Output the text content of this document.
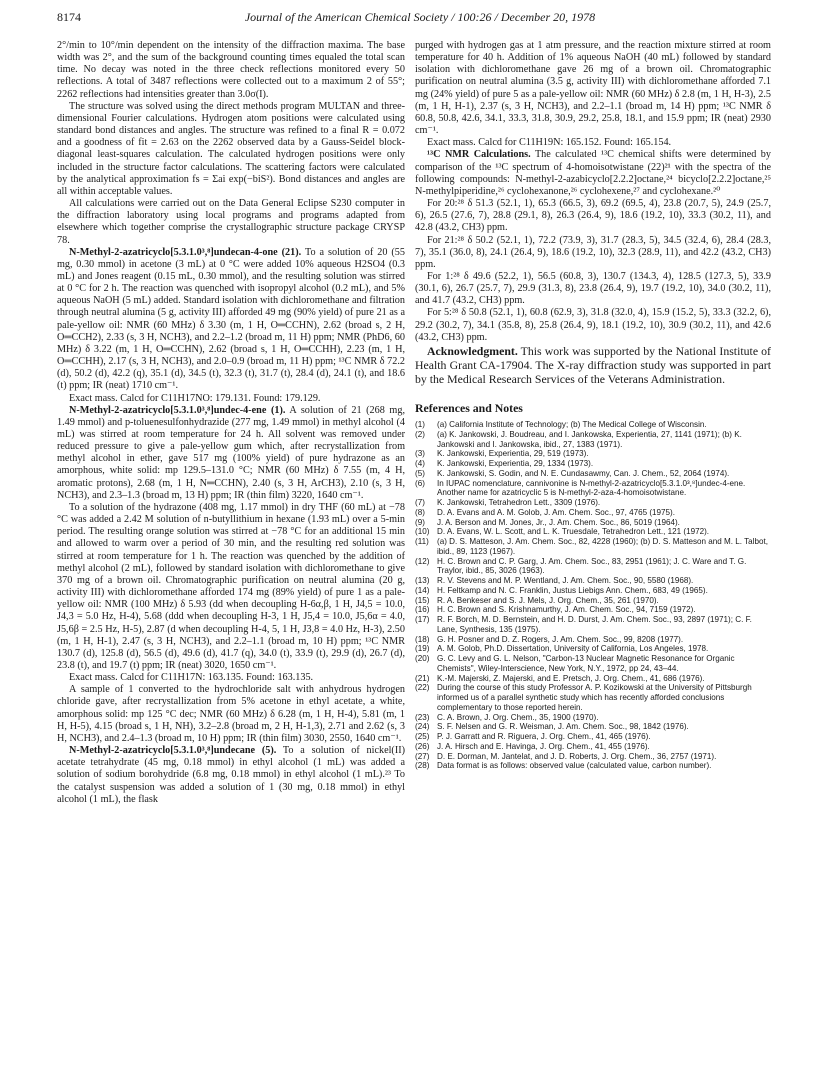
8174	Journal of the American Chemical Society / 100:26 / December 20, 1978

2°/min to 10°/min dependent on the intensity of the diffraction maxima. The base width was 2°, and the sum of the background counting times equaled the total scan time. No decay was noted in the three check reflections monitored every 50 reflections. A total of 3487 reflections were collected out to a maximum 2 of 55°; 2262 reflections had intensities greater than 3.0σ(I).

The structure was solved using the direct methods program MULTAN and three-dimensional Fourier calculations. Hydrogen atom positions were calculated using standard bond distances and angles. The structure was refined to a final R = 0.072 and a goodness of fit = 2.63 on the 2262 observed data by a Gauss-Seidel block-diagonal least-squares calculation. The calculated hydrogen positions were only included in the structure factor calculations. The scattering factors were calculated by the analytical approximation fs = Σai exp(−biS²). Bond distances and angles are all within acceptable values.

All calculations were carried out on the Data General Eclipse S230 computer in the diffraction laboratory using local programs and programs adapted from elsewhere which together comprise the crystallographic structure package CRYSP 78.

N-Methyl-2-azatricyclo[5.3.1.0³,⁸]undecan-4-one (21). To a solution of 20 (55 mg, 0.30 mmol) in acetone (3 mL) at 0 °C were added 10% aqueous H2SO4 (0.3 mL) and Jones reagent (0.15 mL, 0.30 mmol), and the resulting solution was stirred at 0 °C for 2 h. The reaction was quenched with isopropyl alcohol (0.2 mL), and 5% aqueous NaOH (5 mL) added. Standard isolation with dichloromethane and filtration through neutral alumina (5 g, activity III) afforded 49 mg (90% yield) of pure 21 as a pale-yellow oil: NMR (60 MHz) δ 3.30 (m, 1 H, O═CCHN), 2.62 (broad s, 2 H, O═CCH2), 2.33 (s, 3 H, NCH3), and 2.2–1.2 (broad m, 11 H) ppm; NMR (PhD6, 60 MHz) δ 3.22 (m, 1 H, O═CCHN), 2.62 (broad s, 1 H, O═CCHH), 2.23 (m, 1 H, O═CCHH), 2.17 (s, 3 H, NCH3), and 2.0–0.9 (broad m, 11 H) ppm; ¹³C NMR δ 72.2 (d), 50.2 (d), 42.2 (q), 35.1 (d), 34.5 (t), 32.3 (t), 31.7 (t), 28.4 (d), 24.1 (t), and 18.6 (t) ppm; IR (neat) 1710 cm⁻¹.

Exact mass. Calcd for C11H17NO: 179.131. Found: 179.129.

N-Methyl-2-azatricyclo[5.3.1.0³,⁸]undec-4-ene (1). A solution of 21 (268 mg, 1.49 mmol) and p-toluenesulfonhydrazide (277 mg, 1.49 mmol) in methyl alcohol (4 mL) was stirred at room temperature for 24 h. All solvent was removed under reduced pressure to give a pale-yellow gum which, after recrystallization from methyl alcohol in ether, gave 517 mg (100% yield) of pure hydrazone as an amorphous, white solid: mp 129.5–131.0 °C; NMR (60 MHz) δ 7.55 (m, 4 H, aromatic protons), 2.68 (m, 1 H, N═CCHN), 2.40 (s, 3 H, ArCH3), 2.10 (s, 3 H, NCH3), and 2.3–1.3 (broad m, 13 H) ppm; IR (thin film) 3220, 1640 cm⁻¹.

To a solution of the hydrazone (408 mg, 1.17 mmol) in dry THF (60 mL) at −78 °C was added a 2.42 M solution of n-butyllithium in hexane (1.93 mL) over a 5-min period. The resulting orange solution was stirred at −78 °C for an additional 15 min and allowed to warm over a period of 30 min, and the resulting red solution was stirred at room temperature for 1 h. The reaction was quenched by the addition of methyl alcohol (2 mL), followed by standard isolation with dichloromethane to give 370 mg of a brown oil. Chromatographic purification on neutral alumina (20 g, activity III) with dichloromethane afforded 174 mg (89% yield) of pure 1 as a pale-yellow oil: NMR (100 MHz) δ 5.93 (dd when decoupling H-6α,β, 1 H, J4,5 = 10.0, J4,3 = 5.0 Hz, H-4), 5.68 (ddd when decoupling H-3, 1 H, J5,4 = 10.0, J5,6α = 4.0, J5,6β = 2.5 Hz, H-5), 2.87 (d when decoupling H-4, 5, 1 H, J3,8 = 4.0 Hz, H-3), 2.50 (m, 1 H, H-1), 2.47 (s, 3 H, NCH3), and 2.2–1.1 (broad m, 10 H) ppm; ¹³C NMR 130.7 (d), 125.8 (d), 56.5 (d), 49.6 (d), 41.7 (q), 34.0 (t), 33.9 (t), 29.9 (d), 26.7 (d), 23.8 (t), and 19.7 (t) ppm; IR (neat) 3020, 1650 cm⁻¹.

Exact mass. Calcd for C11H17N: 163.135. Found: 163.135.

A sample of 1 converted to the hydrochloride salt with anhydrous hydrogen chloride gave, after recrystallization from 5% acetone in ethyl acetate, a white, amorphous solid: mp 125 °C dec; NMR (60 MHz) δ 6.28 (m, 1 H, H-4), 5.81 (m, 1 H, H-5), 4.15 (broad s, 1 H, NH), 3.2–2.8 (broad m, 2 H, H-1,3), 2.71 and 2.62 (s, 3 H, NCH3), and 2.4–1.3 (broad m, 10 H) ppm; IR (thin film) 3030, 2550, 1640 cm⁻¹.

N-Methyl-2-azatricyclo[5.3.1.0³,⁸]undecane (5). To a solution of nickel(II) acetate tetrahydrate (45 mg, 0.18 mmol) in ethyl alcohol (1 mL) was added a solution of sodium borohydride (6.8 mg, 0.18 mmol) in ethyl alcohol (1 mL).²³ To the catalyst suspension was added a solution of 1 (30 mg, 0.18 mmol) in ethyl alcohol (1 mL), the flask

purged with hydrogen gas at 1 atm pressure, and the reaction mixture stirred at room temperature for 40 h. Addition of 1% aqueous NaOH (40 mL) followed by standard isolation with dichloromethane gave 26 mg of a brown oil. Chromatographic purification on neutral alumina (3.5 g, activity III) with dichloromethane afforded 7.1 mg (24% yield) of pure 5 as a pale-yellow oil: NMR (60 MHz) δ 2.8 (m, 1 H, H-3), 2.5 (m, 1 H, H-1), 2.37 (s, 3 H, NCH3), and 2.2–1.1 (broad m, 14 H) ppm; ¹³C NMR δ 60.8, 50.8, 42.6, 34.1, 33.3, 31.8, 30.9, 29.2, 25.8, 18.1, and 15.9 ppm; IR (neat) 2930 cm⁻¹.

Exact mass. Calcd for C11H19N: 165.152. Found: 165.154.

¹³C NMR Calculations. The calculated ¹³C chemical shifts were determined by comparison of the ¹³C spectrum of 4-homoisotwistane (22)²¹ with the spectra of the following compounds: N-methyl-2-azabicyclo[2.2.2]octane,²⁴ bicyclo[2.2.2]octane,²⁵ N-methylpiperidine,²⁶ cyclohexanone,²⁶ cyclohexene,²⁷ and cyclohexane.²⁰

For 20:²⁸ δ 51.3 (52.1, 1), 65.3 (66.5, 3), 69.2 (69.5, 4), 23.8 (20.7, 5), 24.9 (25.7, 6), 26.5 (27.6, 7), 28.8 (29.1, 8), 26.3 (26.4, 9), 18.6 (19.2, 10), 33.3 (30.2, 11), and 42.8 (43.2, CH3) ppm.

For 21:²⁸ δ 50.2 (52.1, 1), 72.2 (73.9, 3), 31.7 (28.3, 5), 34.5 (32.4, 6), 28.4 (28.3, 7), 35.1 (36.0, 8), 24.1 (26.4, 9), 18.6 (19.2, 10), 32.3 (28.9, 11), and 42.2 (43.2, CH3) ppm.

For 1:²⁸ δ 49.6 (52.2, 1), 56.5 (60.8, 3), 130.7 (134.3, 4), 128.5 (127.3, 5), 33.9 (30.1, 6), 26.7 (25.7, 7), 29.9 (31.3, 8), 23.8 (26.4, 9), 19.7 (19.2, 10), 34.0 (30.2, 11), and 41.7 (43.2, CH3) ppm.

For 5:²⁸ δ 50.8 (52.1, 1), 60.8 (62.9, 3), 31.8 (32.0, 4), 15.9 (15.2, 5), 33.3 (32.2, 6), 29.2 (30.2, 7), 34.1 (35.8, 8), 25.8 (26.4, 9), 18.1 (19.2, 10), 30.9 (30.2, 11), and 42.6 (43.2, CH3) ppm.

Acknowledgment. This work was supported by the National Institute of Health Grant CA-17904. The X-ray diffraction study was supported in part by the Medical Research Services of the Veterans Administration.

References and Notes
(1) (a) California Institute of Technology; (b) The Medical College of Wisconsin.
(2) (a) K. Jankowski, J. Boudreau, and I. Jankowska, Experientia, 27, 1141 (1971); (b) K. Jankowski and I. Jankowska, ibid., 27, 1383 (1971).
(3) K. Jankowski, Experientia, 29, 519 (1973).
(4) K. Jankowski, Experientia, 29, 1334 (1973).
(5) K. Jankowski, S. Godin, and N. E. Cundasawmy, Can. J. Chem., 52, 2064 (1974).
(6) In IUPAC nomenclature, cannivonine is N-methyl-2-azatricyclo[5.3.1.0³,⁸]undec-4-ene. Another name for azatricyclic 5 is N-methyl-2-aza-4-homoisotwistane.
(7) K. Jankowski, Tetrahedron Lett., 3309 (1976).
(8) D. A. Evans and A. M. Golob, J. Am. Chem. Soc., 97, 4765 (1975).
(9) J. A. Berson and M. Jones, Jr., J. Am. Chem. Soc., 86, 5019 (1964).
(10) D. A. Evans, W. L. Scott, and L. K. Truesdale, Tetrahedron Lett., 121 (1972).
(11) (a) D. S. Matteson, J. Am. Chem. Soc., 82, 4228 (1960); (b) D. S. Matteson and M. L. Talbot, ibid., 89, 1123 (1967).
(12) H. C. Brown and C. P. Garg, J. Am. Chem. Soc., 83, 2951 (1961); J. C. Ware and T. G. Traylor, ibid., 85, 3026 (1963).
(13) R. V. Stevens and M. P. Wentland, J. Am. Chem. Soc., 90, 5580 (1968).
(14) H. Feltkamp and N. C. Franklin, Justus Liebigs Ann. Chem., 683, 49 (1965).
(15) R. A. Benkeser and S. J. Mels, J. Org. Chem., 35, 261 (1970).
(16) H. C. Brown and S. Krishnamurthy, J. Am. Chem. Soc., 94, 7159 (1972).
(17) R. F. Borch, M. D. Bernstein, and H. D. Durst, J. Am. Chem. Soc., 93, 2897 (1971); C. F. Lane, Synthesis, 135 (1975).
(18) G. H. Posner and D. Z. Rogers, J. Am. Chem. Soc., 99, 8208 (1977).
(19) A. M. Golob, Ph.D. Dissertation, University of California, Los Angeles, 1978.
(20) G. C. Levy and G. L. Nelson, "Carbon-13 Nuclear Magnetic Resonance for Organic Chemists", Wiley-Interscience, New York, N.Y., 1972, pp 24, 43–44.
(21) K.-M. Majerski, Z. Majerski, and E. Pretsch, J. Org. Chem., 41, 686 (1976).
(22) During the course of this study Professor A. P. Kozikowski at the University of Pittsburgh informed us of a parallel synthetic study which has recently afforded conclusions complementary to those reported herein.
(23) C. A. Brown, J. Org. Chem., 35, 1900 (1970).
(24) S. F. Nelsen and G. R. Weisman, J. Am. Chem. Soc., 98, 1842 (1976).
(25) P. J. Garratt and R. Riguera, J. Org. Chem., 41, 465 (1976).
(26) J. A. Hirsch and E. Havinga, J. Org. Chem., 41, 455 (1976).
(27) D. E. Dorman, M. Jantelat, and J. D. Roberts, J. Org. Chem., 36, 2757 (1971).
(28) Data format is as follows: observed value (calculated value, carbon number).
